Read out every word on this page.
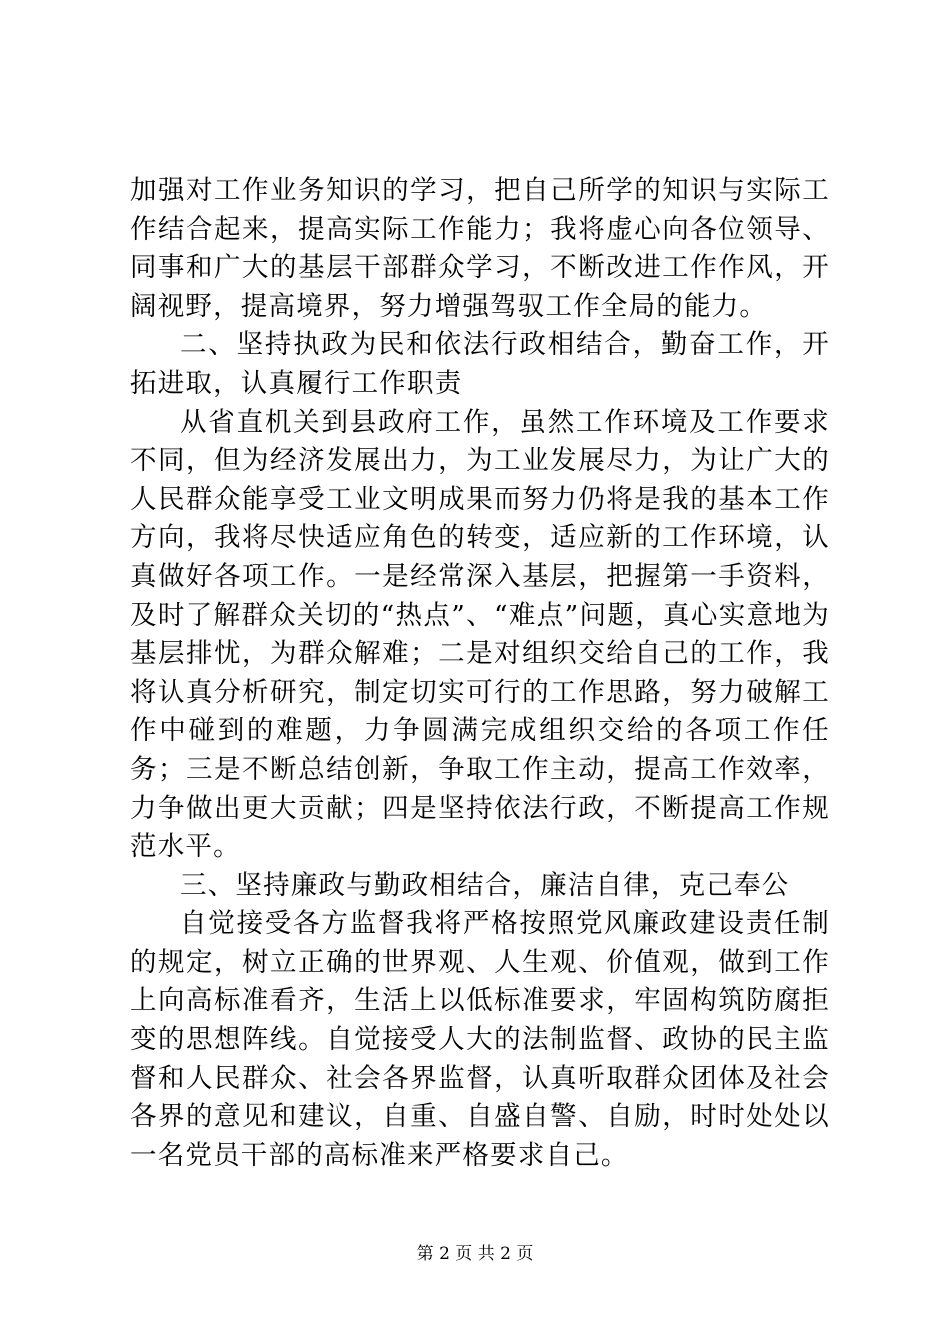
加强对工作业务知识的学习，把自己所学的知识与实际工作结合起来，提高实际工作能力；我将虚心向各位领导、同事和广大的基层干部群众学习，不断改进工作作风，开阔视野，提高境界，努力增强驾驭工作全局的能力。

二、坚持执政为民和依法行政相结合，勤奋工作，开拓进取，认真履行工作职责

从省直机关到县政府工作，虽然工作环境及工作要求不同，但为经济发展出力，为工业发展尽力，为让广大的人民群众能享受工业文明成果而努力仍将是我的基本工作方向，我将尽快适应角色的转变，适应新的工作环境，认真做好各项工作。一是经常深入基层，把握第一手资料，及时了解群众关切的“热点”、“难点”问题，真心实意地为基层排忧，为群众解难；二是对组织交给自己的工作，我将认真分析研究，制定切实可行的工作思路，努力破解工作中碰到的难题，力争圆满完成组织交给的各项工作任务；三是不断总结创新，争取工作主动，提高工作效率，力争做出更大贡献；四是坚持依法行政，不断提高工作规范水平。

三、坚持廉政与勤政相结合，廉洁自律，克己奉公

自觉接受各方监督我将严格按照党风廉政建设责任制的规定，树立正确的世界观、人生观、价值观，做到工作上向高标准看齐，生活上以低标准要求，牢固构筑防腐拒变的思想阵线。自觉接受人大的法制监督、政协的民主监督和人民群众、社会各界监督，认真听取群众团体及社会各界的意见和建议，自重、自盛自警、自励，时时处处以一名党员干部的高标准来严格要求自己。

第 2 页 共 2 页
